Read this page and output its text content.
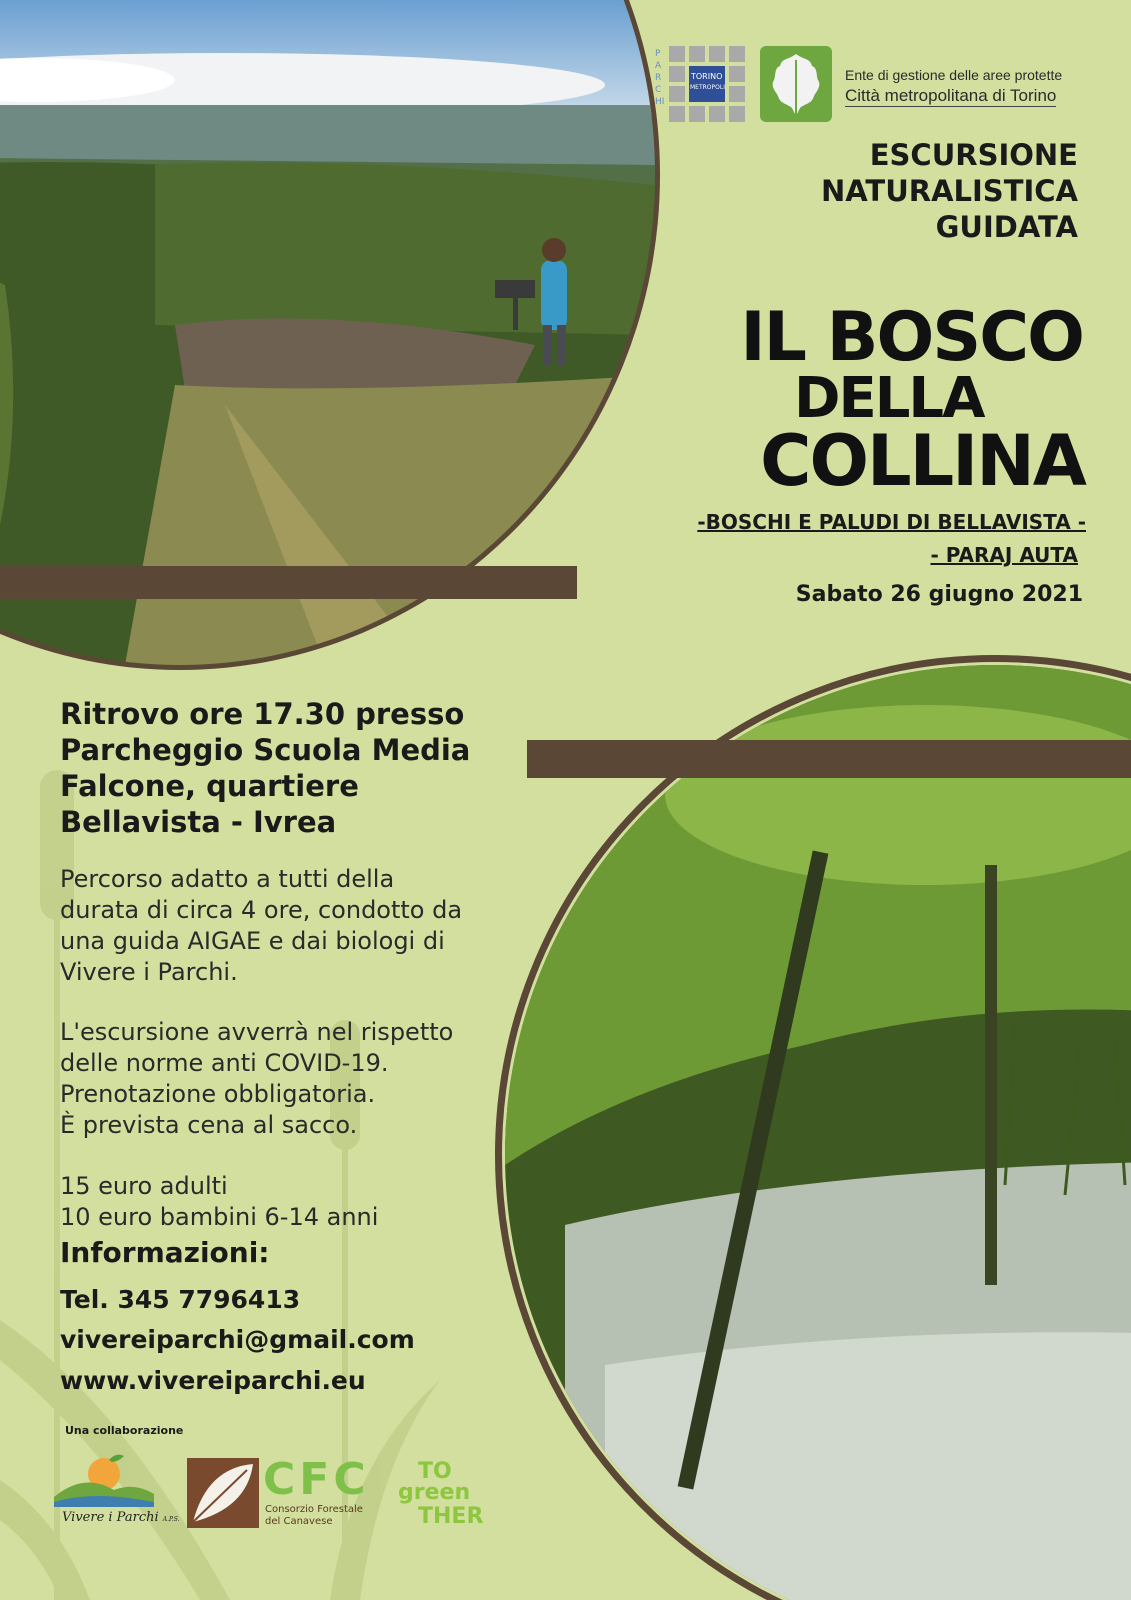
PARCHI
TORINO
METROPOLI
Ente di gestione delle aree protette
Città metropolitana di Torino
ESCURSIONE
NATURALISTICA
GUIDATA
IL BOSCO
DELLA
COLLINA
-BOSCHI E PALUDI DI BELLAVISTA -
- PARAJ AUTA
Sabato 26 giugno 2021
Ritrovo ore 17.30 presso
Parcheggio Scuola Media
Falcone, quartiere
Bellavista - Ivrea
Percorso adatto a tutti della
durata di circa 4 ore, condotto da
una guida AIGAE e dai biologi di
Vivere i Parchi.
L'escursione avverrà nel rispetto
delle norme anti COVID-19.
Prenotazione obbligatoria.
È prevista cena al sacco.
15 euro adulti
10 euro bambini 6-14 anni
Informazioni:
Tel. 345 7796413
vivereiparchi@gmail.com
www.vivereiparchi.eu
Una collaborazione
Vivere i Parchi A.P.S.
CFC
Consorzio Forestale
del Canavese
TO
green
THER
